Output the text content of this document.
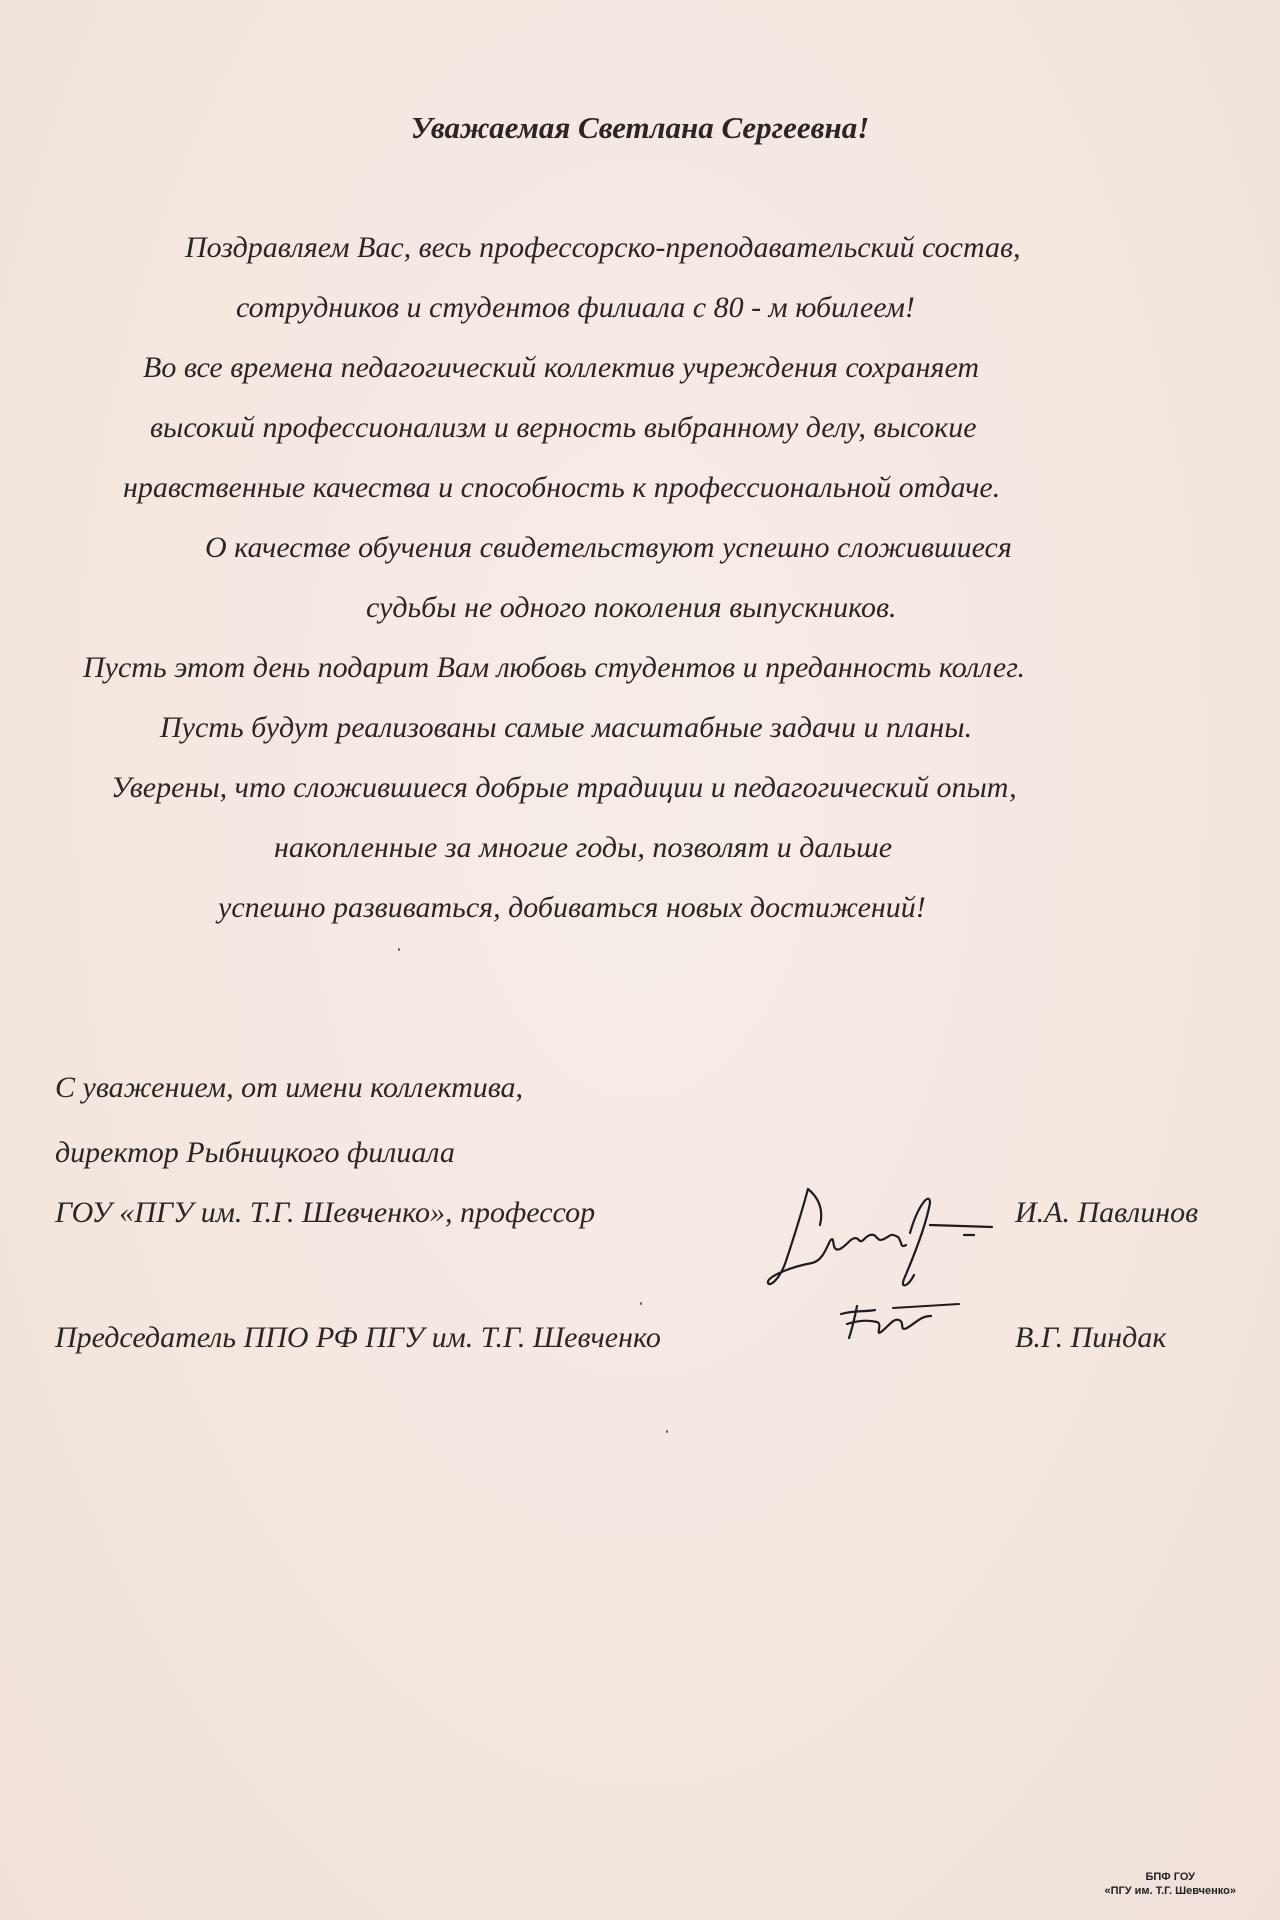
Уважаемая Светлана Сергеевна!

Поздравляем Вас, весь профессорско-преподавательский состав,

сотрудников и студентов филиала с 80 - м юбилеем!

Во все времена педагогический коллектив учреждения сохраняет

высокий профессионализм и верность выбранному делу, высокие

нравственные качества и способность к профессиональной отдаче.

О качестве обучения свидетельствуют успешно сложившиеся

судьбы не одного поколения выпускников.

Пусть этот день подарит Вам любовь студентов и преданность коллег.

Пусть будут реализованы самые масштабные задачи и планы.

Уверены, что сложившиеся добрые традиции и педагогический опыт,

накопленные за многие годы, позволят и дальше

успешно развиваться, добиваться новых достижений!

С уважением, от имени коллектива,

директор Рыбницкого филиала

ГОУ «ПГУ им. Т.Г. Шевченко», профессор	И.А. Павлинов

Председатель ППО РФ ПГУ им. Т.Г. Шевченко	В.Г. Пиндак

БПФ ГОУ
«ПГУ им. Т.Г. Шевченко»
